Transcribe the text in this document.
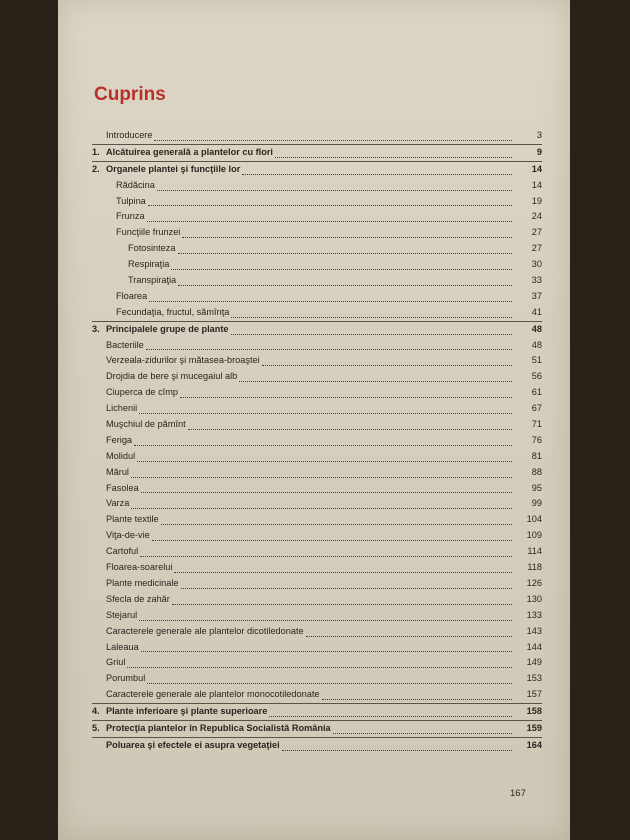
Cuprins
Introducere	3
1. Alcătuirea generală a plantelor cu flori	9
2. Organele plantei şi funcţiile lor	14
Rădăcina	14
Tulpina	19
Frunza	24
Funcţiile frunzei	27
Fotosinteza	27
Respiraţia	30
Transpiraţia	33
Floarea	37
Fecundaţia, fructul, sămînţa	41
3. Principalele grupe de plante	48
Bacteriile	48
Verzeala-zidurilor şi mătasea-broaştei	51
Drojdia de bere şi mucegaiul alb	56
Ciuperca de cîmp	61
Lichenii	67
Muşchiul de pămînt	71
Feriga	76
Molidul	81
Mărul	88
Fasolea	95
Varza	99
Plante textile	104
Viţa-de-vie	109
Cartoful	114
Floarea-soarelui	118
Plante medicinale	126
Sfecla de zahăr	130
Stejarul	133
Caracterele generale ale plantelor dicotiledonate	143
Laleaua	144
Griul	149
Porumbul	153
Caracterele generale ale plantelor monocotiledonate	157
4. Plante inferioare şi plante superioare	158
5. Protecţia plantelor în Republica Socialistă România	159
Poluarea şi efectele ei asupra vegetaţiei	164
167
